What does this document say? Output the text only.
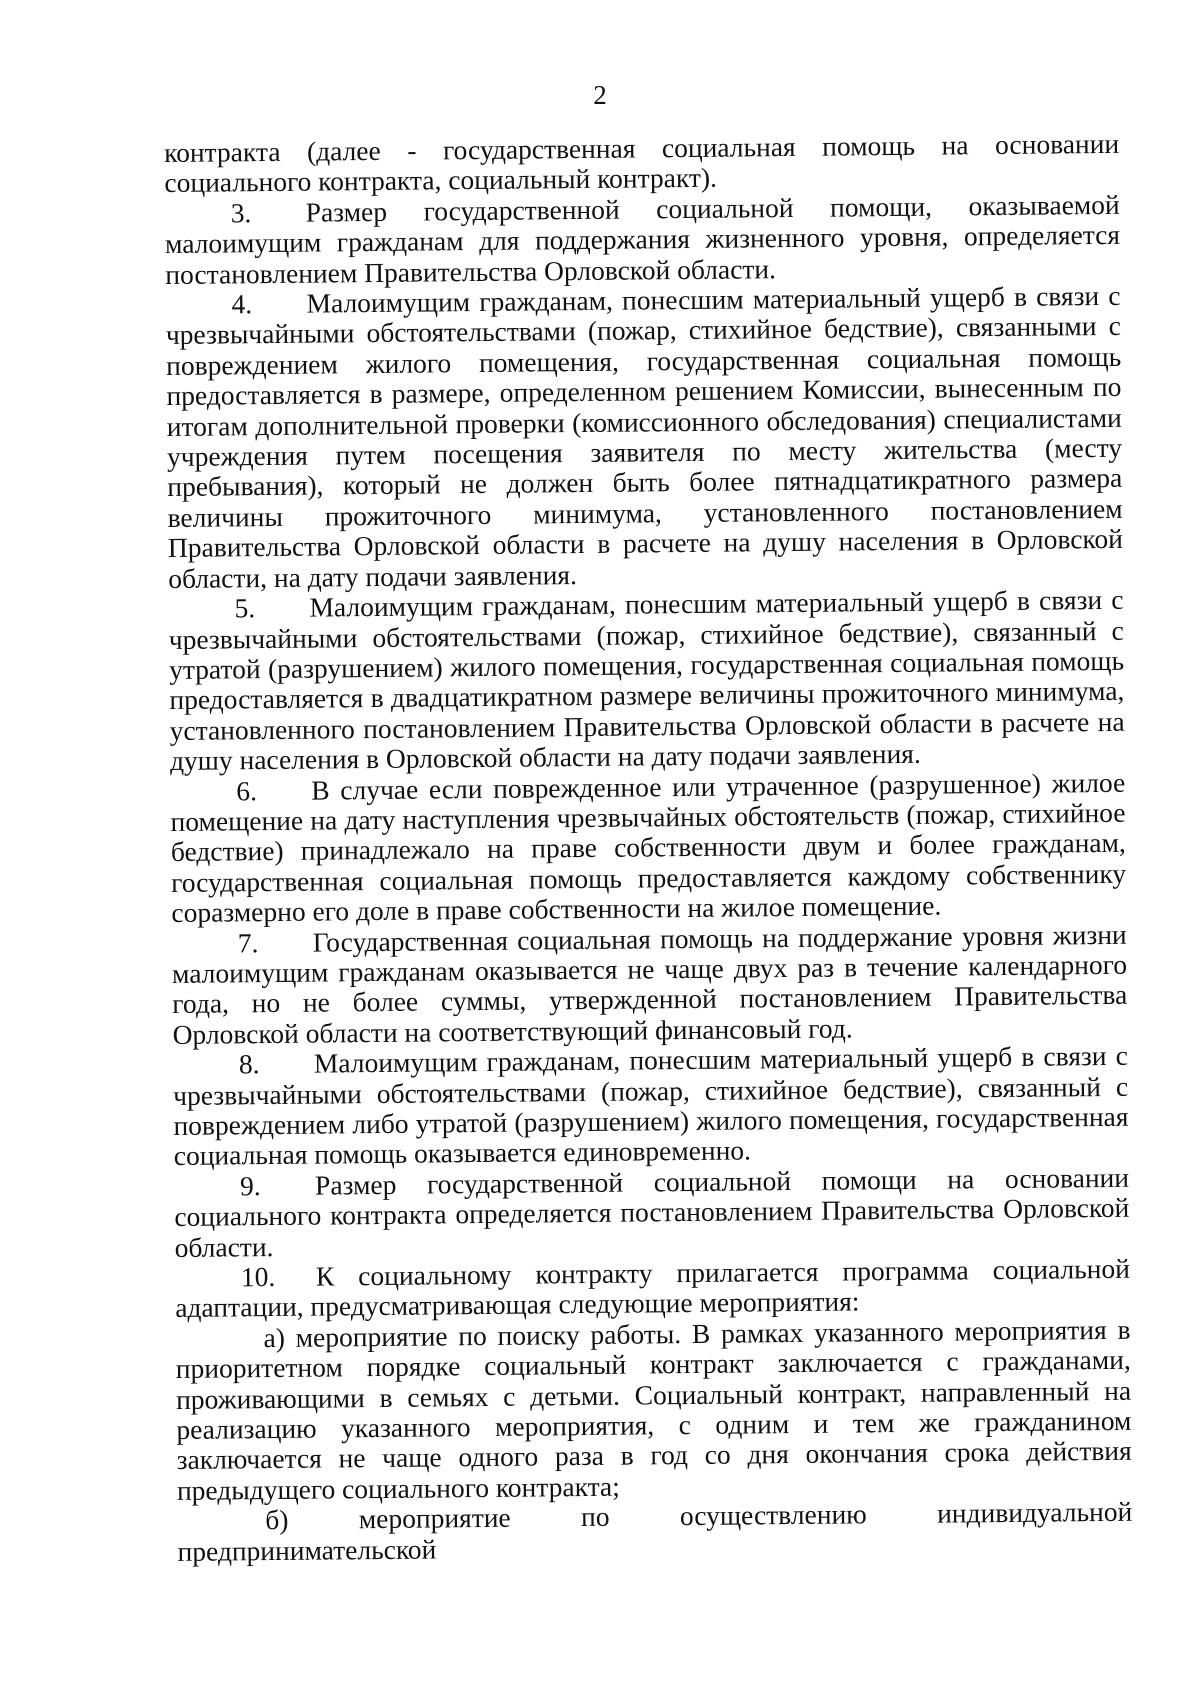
2

контракта (далее - государственная социальная помощь на основании социального контракта, социальный контракт).

3. Размер государственной социальной помощи, оказываемой малоимущим гражданам для поддержания жизненного уровня, определяется постановлением Правительства Орловской области.

4. Малоимущим гражданам, понесшим материальный ущерб в связи с чрезвычайными обстоятельствами (пожар, стихийное бедствие), связанными с повреждением жилого помещения, государственная социальная помощь предоставляется в размере, определенном решением Комиссии, вынесенным по итогам дополнительной проверки (комиссионного обследования) специалистами учреждения путем посещения заявителя по месту жительства (месту пребывания), который не должен быть более пятнадцатикратного размера величины прожиточного минимума, установленного постановлением Правительства Орловской области в расчете на душу населения в Орловской области, на дату подачи заявления.

5. Малоимущим гражданам, понесшим материальный ущерб в связи с чрезвычайными обстоятельствами (пожар, стихийное бедствие), связанный с утратой (разрушением) жилого помещения, государственная социальная помощь предоставляется в двадцатикратном размере величины прожиточного минимума, установленного постановлением Правительства Орловской области в расчете на душу населения в Орловской области на дату подачи заявления.

6. В случае если поврежденное или утраченное (разрушенное) жилое помещение на дату наступления чрезвычайных обстоятельств (пожар, стихийное бедствие) принадлежало на праве собственности двум и более гражданам, государственная социальная помощь предоставляется каждому собственнику соразмерно его доле в праве собственности на жилое помещение.

7. Государственная социальная помощь на поддержание уровня жизни малоимущим гражданам оказывается не чаще двух раз в течение календарного года, но не более суммы, утвержденной постановлением Правительства Орловской области на соответствующий финансовый год.

8. Малоимущим гражданам, понесшим материальный ущерб в связи с чрезвычайными обстоятельствами (пожар, стихийное бедствие), связанный с повреждением либо утратой (разрушением) жилого помещения, государственная социальная помощь оказывается единовременно.

9. Размер государственной социальной помощи на основании социального контракта определяется постановлением Правительства Орловской области.

10. К социальному контракту прилагается программа социальной адаптации, предусматривающая следующие мероприятия:

а) мероприятие по поиску работы. В рамках указанного мероприятия в приоритетном порядке социальный контракт заключается с гражданами, проживающими в семьях с детьми. Социальный контракт, направленный на реализацию указанного мероприятия, с одним и тем же гражданином заключается не чаще одного раза в год со дня окончания срока действия предыдущего социального контракта;

б) мероприятие по осуществлению индивидуальной предпринимательской
